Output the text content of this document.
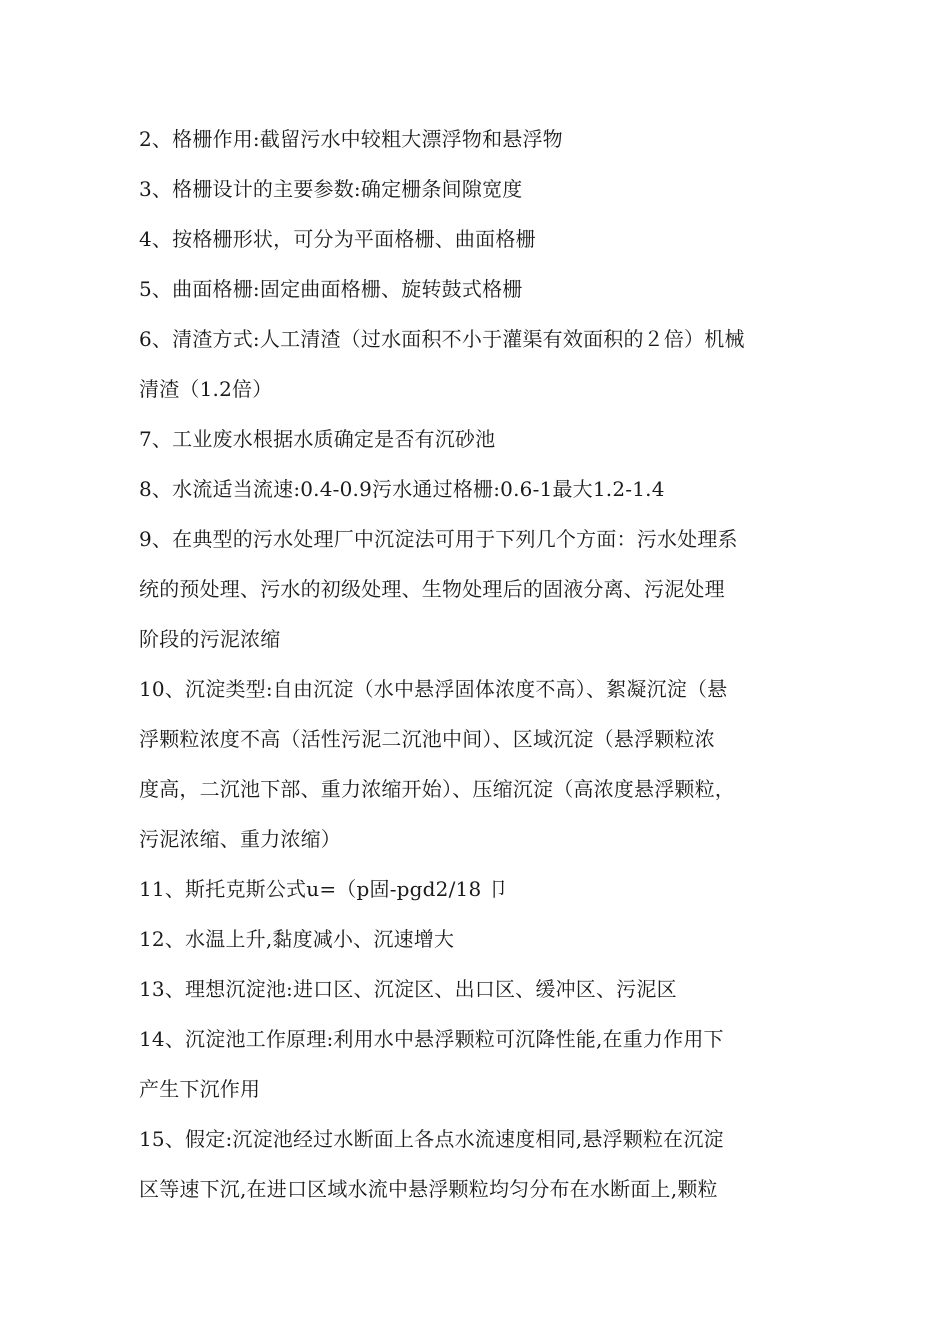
2、格栅作用:截留污水中较粗大漂浮物和悬浮物
3、格栅设计的主要参数:确定栅条间隙宽度
4、按格栅形状，可分为平面格栅、曲面格栅
5、曲面格栅:固定曲面格栅、旋转鼓式格栅
6、清渣方式:人工清渣（过水面积不小于灌渠有效面积的２倍）机械
清渣（1.2倍）
7、工业废水根据水质确定是否有沉砂池
8、水流适当流速:0.4-0.9污水通过格栅:0.6-1最大1.2-1.4
9、在典型的污水处理厂中沉淀法可用于下列几个方面：污水处理系
统的预处理、污水的初级处理、生物处理后的固液分离、污泥处理
阶段的污泥浓缩
10、沉淀类型:自由沉淀（水中悬浮固体浓度不高）、絮凝沉淀（悬
浮颗粒浓度不高（活性污泥二沉池中间）、区域沉淀（悬浮颗粒浓
度高，二沉池下部、重力浓缩开始）、压缩沉淀（高浓度悬浮颗粒，
污泥浓缩、重力浓缩）
11、斯托克斯公式u=（p固-pgd2/18 卩
12、水温上升,黏度减小、沉速增大
13、理想沉淀池:进口区、沉淀区、出口区、缓冲区、污泥区
14、沉淀池工作原理:利用水中悬浮颗粒可沉降性能,在重力作用下
产生下沉作用
15、假定:沉淀池经过水断面上各点水流速度相同,悬浮颗粒在沉淀
区等速下沉,在进口区域水流中悬浮颗粒均匀分布在水断面上,颗粒
